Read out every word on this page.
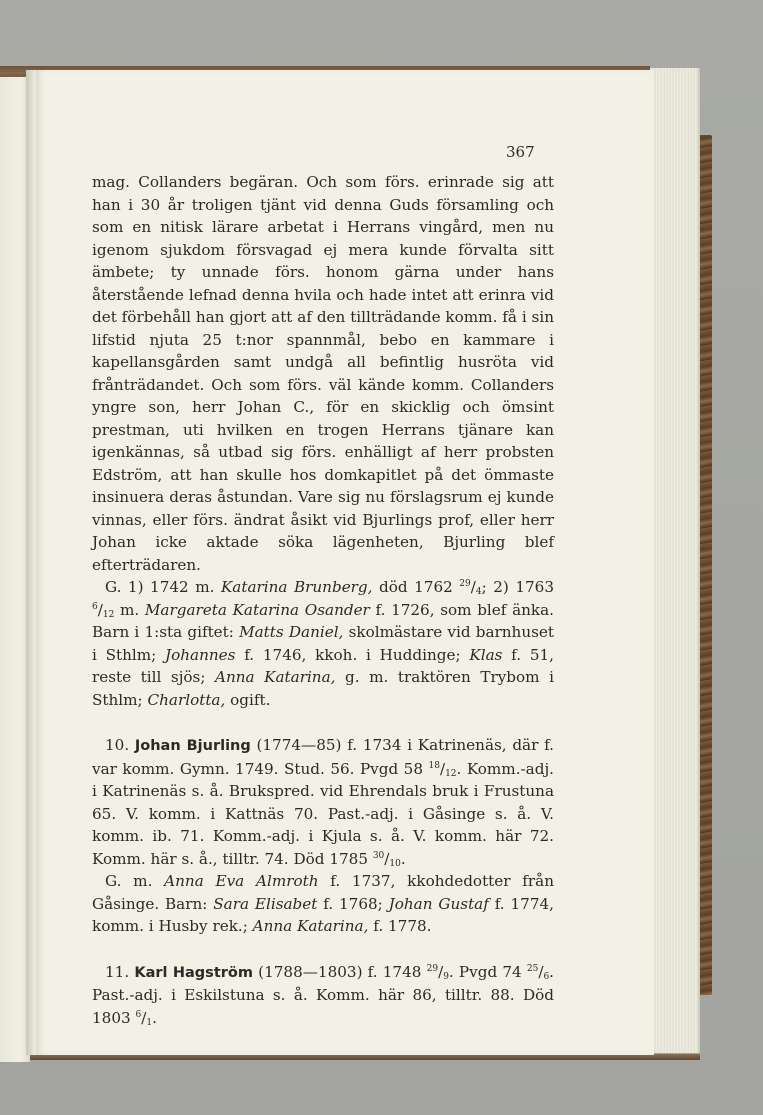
367

mag. Collanders begäran. Och som förs. erinrade sig att han i 30 år troligen tjänt vid denna Guds församling och som en nitisk lärare arbetat i Herrans vingård, men nu igenom sjukdom försvagad ej mera kunde förvalta sitt ämbete; ty unnade förs. honom gärna under hans återstående lefnad denna hvila och hade intet att erinra vid det förbehåll han gjort att af den tillträdande komm. få i sin lifstid njuta 25 t:nor spannmål, bebo en kammare i kapellansgården samt undgå all befintlig husröta vid frånträdandet. Och som förs. väl kände komm. Collanders yngre son, herr Johan C., för en skicklig och ömsint prestman, uti hvilken en trogen Herrans tjänare kan igenkännas, så utbad sig förs. enhälligt af herr probsten Edström, att han skulle hos domkapitlet på det ömmaste insinuera deras åstundan. Vare sig nu förslagsrum ej kunde vinnas, eller förs. ändrat åsikt vid Bjurlings prof, eller herr Johan icke aktade söka lägenheten, Bjurling blef efterträdaren.

G. 1) 1742 m. Katarina Brunberg, död 1762 $^{29}/_4$; 2) 1763 $^6/_{12}$ m. Margareta Katarina Osander f. 1726, som blef änka. Barn i 1:sta giftet: Matts Daniel, skolmästare vid barnhuset i Sthlm; Johannes f. 1746, kkoh. i Huddinge; Klas f. 51, reste till sjös; Anna Katarina, g. m. traktören Trybom i Sthlm; Charlotta, ogift.

10. Johan Bjurling (1774—85) f. 1734 i Katrinenäs, där f. var komm. Gymn. 1749. Stud. 56. Pvgd 58 $^{18}/_{12}$. Komm.-adj. i Katrinenäs s. å. Brukspred. vid Ehrendals bruk i Frustuna 65. V. komm. i Kattnäs 70. Past.-adj. i Gåsinge s. å. V. komm. ib. 71. Komm.-adj. i Kjula s. å. V. komm. här 72. Komm. här s. å., tilltr. 74. Död 1785 $^{30}/_{10}$.

G. m. Anna Eva Almroth f. 1737, kkohdedotter från Gåsinge. Barn: Sara Elisabet f. 1768; Johan Gustaf f. 1774, komm. i Husby rek.; Anna Katarina, f. 1778.

11. Karl Hagström (1788—1803) f. 1748 $^{29}/_9$. Pvgd 74 $^{25}/_6$. Past.-adj. i Eskilstuna s. å. Komm. här 86, tilltr. 88. Död 1803 $^6/_1$.
